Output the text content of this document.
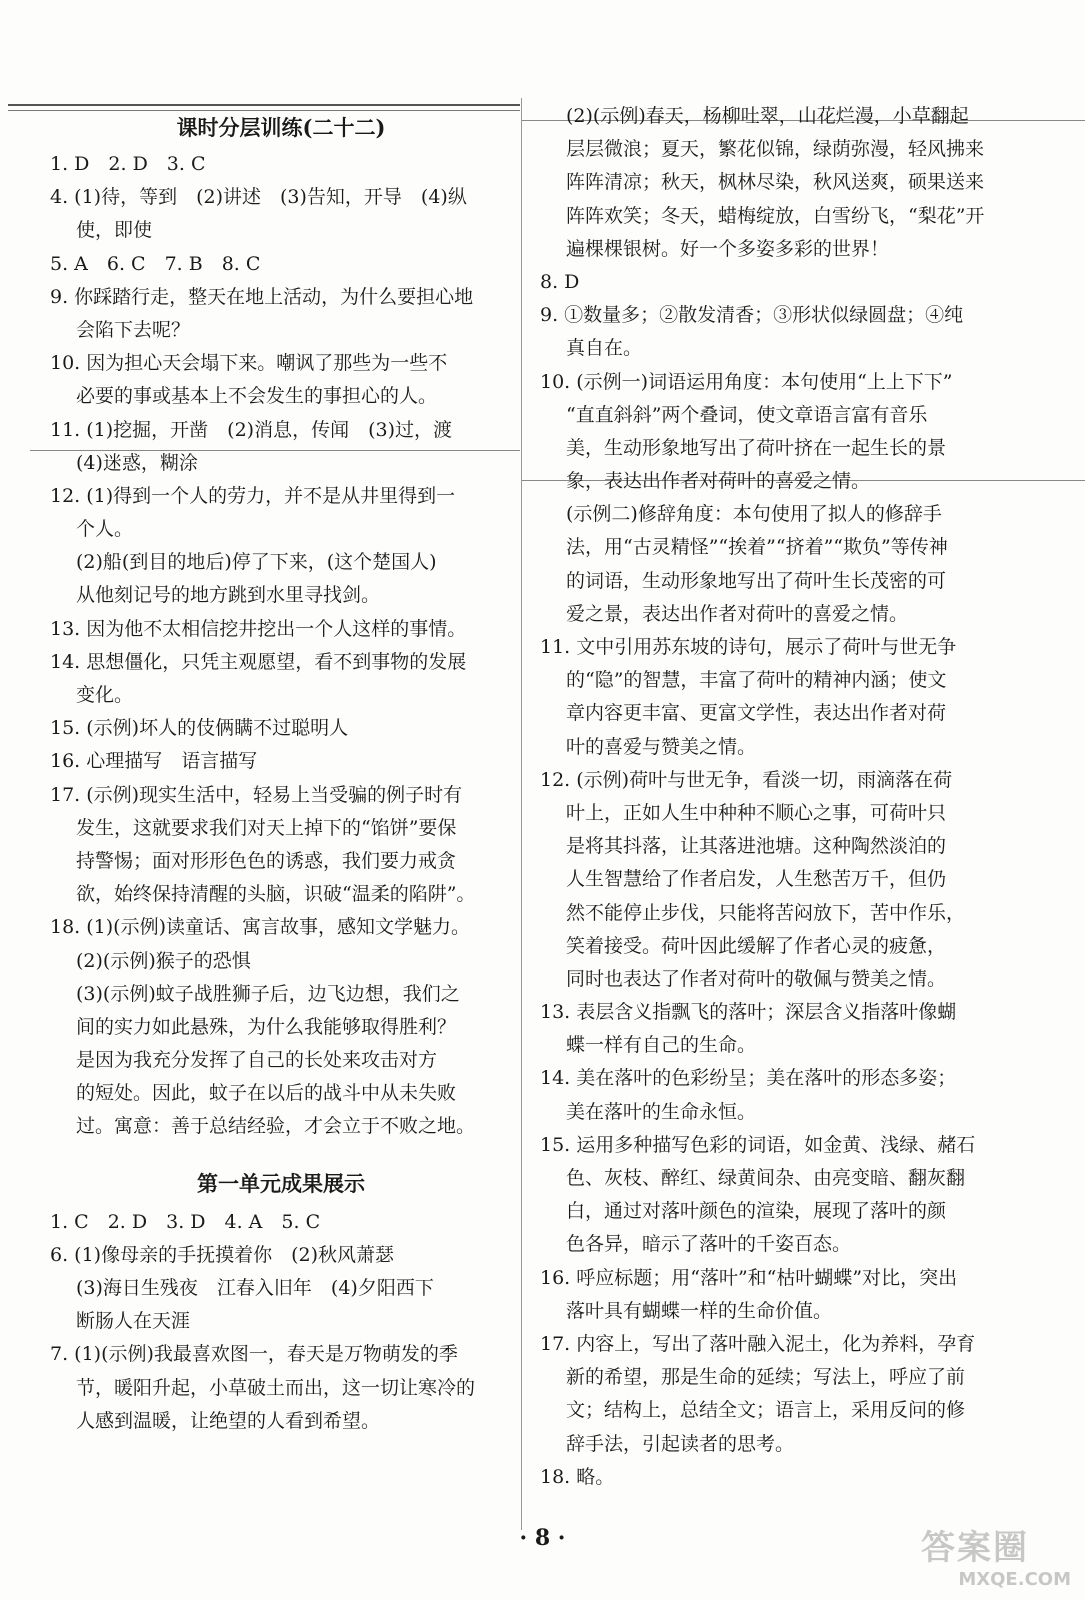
课时分层训练(二十二)
1. D　2. D　3. C
4. (1)待，等到　(2)讲述　(3)告知，开导　(4)纵
使，即使
5. A　6. C　7. B　8. C
9. 你踩踏行走，整天在地上活动，为什么要担心地
会陷下去呢？
10. 因为担心天会塌下来。嘲讽了那些为一些不
必要的事或基本上不会发生的事担心的人。
11. (1)挖掘，开凿　(2)消息，传闻　(3)过，渡
(4)迷惑，糊涂
12. (1)得到一个人的劳力，并不是从井里得到一
个人。
(2)船(到目的地后)停了下来，(这个楚国人)
从他刻记号的地方跳到水里寻找剑。
13. 因为他不太相信挖井挖出一个人这样的事情。
14. 思想僵化，只凭主观愿望，看不到事物的发展
变化。
15. (示例)坏人的伎俩瞒不过聪明人
16. 心理描写　语言描写
17. (示例)现实生活中，轻易上当受骗的例子时有
发生，这就要求我们对天上掉下的“馅饼”要保
持警惕；面对形形色色的诱惑，我们要力戒贪
欲，始终保持清醒的头脑，识破“温柔的陷阱”。
18. (1)(示例)读童话、寓言故事，感知文学魅力。
(2)(示例)猴子的恐惧
(3)(示例)蚊子战胜狮子后，边飞边想，我们之
间的实力如此悬殊，为什么我能够取得胜利？
是因为我充分发挥了自己的长处来攻击对方
的短处。因此，蚊子在以后的战斗中从未失败
过。寓意：善于总结经验，才会立于不败之地。
第一单元成果展示
1. C　2. D　3. D　4. A　5. C
6. (1)像母亲的手抚摸着你　(2)秋风萧瑟
(3)海日生残夜　江春入旧年　(4)夕阳西下
断肠人在天涯
7. (1)(示例)我最喜欢图一，春天是万物萌发的季
节，暖阳升起，小草破土而出，这一切让寒冷的
人感到温暖，让绝望的人看到希望。
(2)(示例)春天，杨柳吐翠，山花烂漫，小草翻起
层层微浪；夏天，繁花似锦，绿荫弥漫，轻风拂来
阵阵清凉；秋天，枫林尽染，秋风送爽，硕果送来
阵阵欢笑；冬天，蜡梅绽放，白雪纷飞，“梨花”开
遍棵棵银树。好一个多姿多彩的世界！
8. D
9. ①数量多；②散发清香；③形状似绿圆盘；④纯
真自在。
10. (示例一)词语运用角度：本句使用“上上下下”
“直直斜斜”两个叠词，使文章语言富有音乐
美，生动形象地写出了荷叶挤在一起生长的景
象，表达出作者对荷叶的喜爱之情。
(示例二)修辞角度：本句使用了拟人的修辞手
法，用“古灵精怪”“挨着”“挤着”“欺负”等传神
的词语，生动形象地写出了荷叶生长茂密的可
爱之景，表达出作者对荷叶的喜爱之情。
11. 文中引用苏东坡的诗句，展示了荷叶与世无争
的“隐”的智慧，丰富了荷叶的精神内涵；使文
章内容更丰富、更富文学性，表达出作者对荷
叶的喜爱与赞美之情。
12. (示例)荷叶与世无争，看淡一切，雨滴落在荷
叶上，正如人生中种种不顺心之事，可荷叶只
是将其抖落，让其落进池塘。这种陶然淡泊的
人生智慧给了作者启发，人生愁苦万千，但仍
然不能停止步伐，只能将苦闷放下，苦中作乐，
笑着接受。荷叶因此缓解了作者心灵的疲惫，
同时也表达了作者对荷叶的敬佩与赞美之情。
13. 表层含义指飘飞的落叶；深层含义指落叶像蝴
蝶一样有自己的生命。
14. 美在落叶的色彩纷呈；美在落叶的形态多姿；
美在落叶的生命永恒。
15. 运用多种描写色彩的词语，如金黄、浅绿、赭石
色、灰枝、醉红、绿黄间杂、由亮变暗、翻灰翻
白，通过对落叶颜色的渲染，展现了落叶的颜
色各异，暗示了落叶的千姿百态。
16. 呼应标题；用“落叶”和“枯叶蝴蝶”对比，突出
落叶具有蝴蝶一样的生命价值。
17. 内容上，写出了落叶融入泥土，化为养料，孕育
新的希望，那是生命的延续；写法上，呼应了前
文；结构上，总结全文；语言上，采用反问的修
辞手法，引起读者的思考。
18. 略。
· 8 ·	答案圈
MXQE.COM
